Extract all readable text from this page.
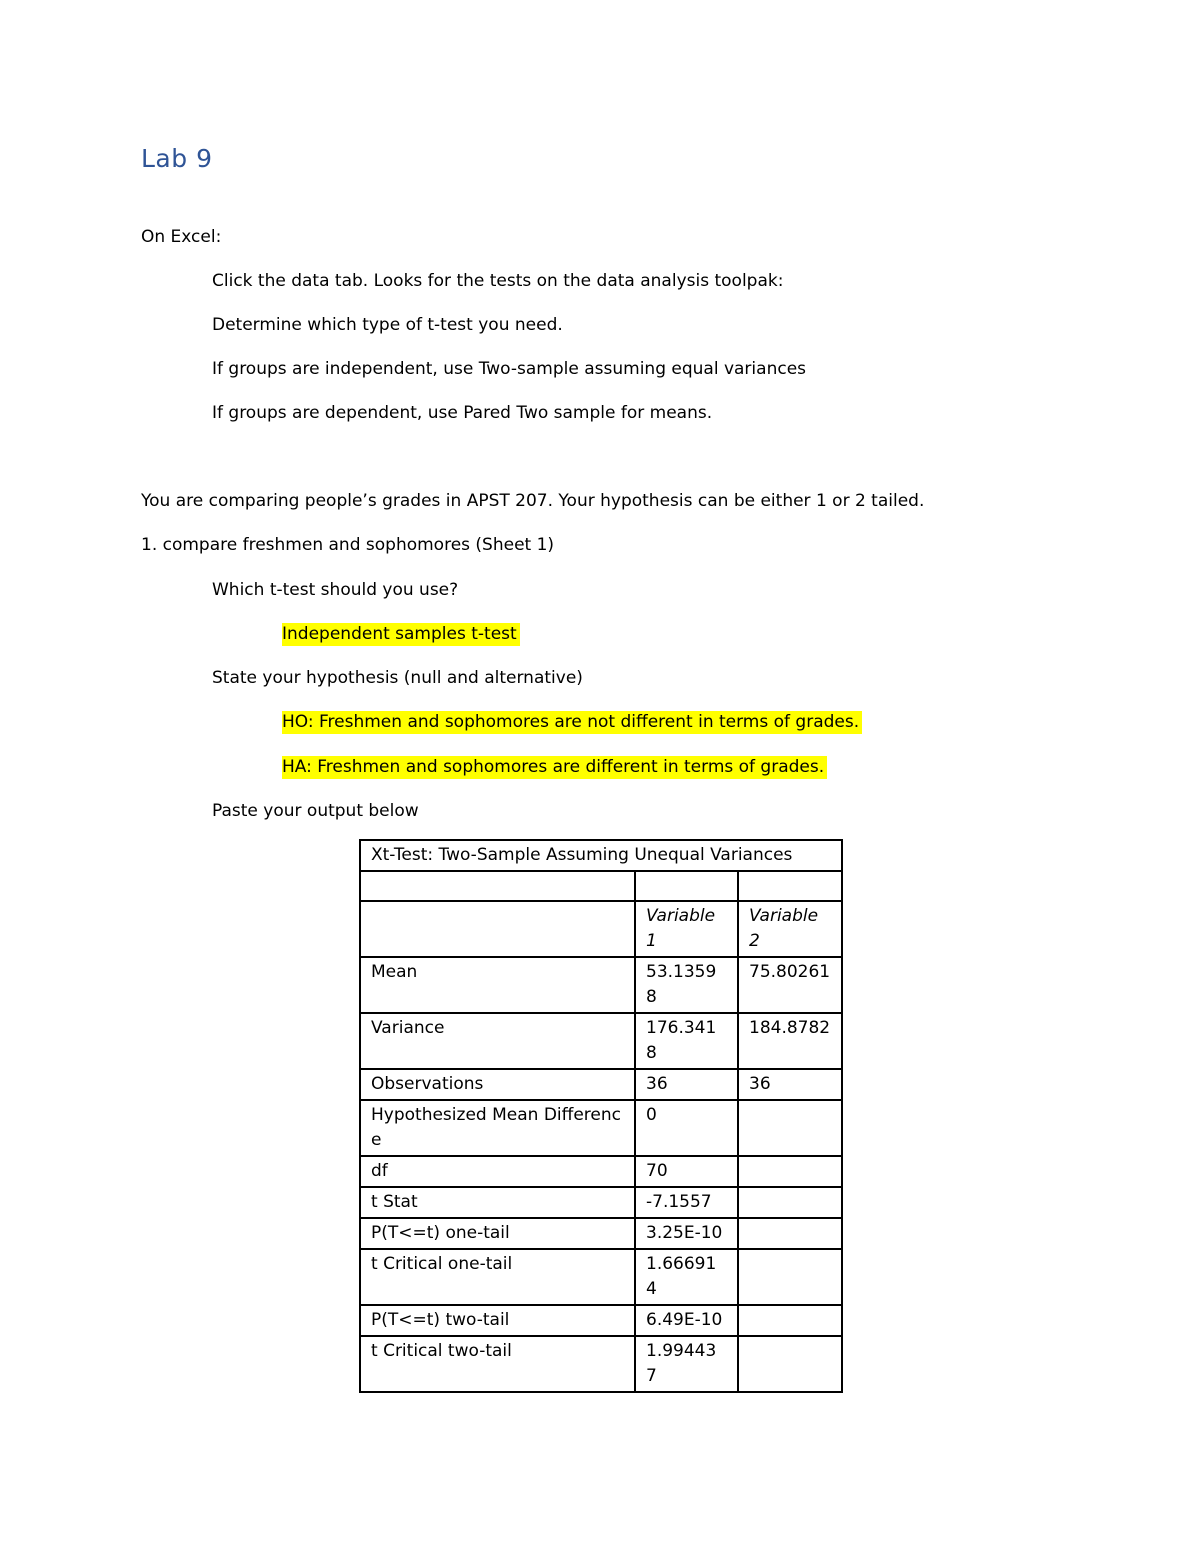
Lab 9
On Excel:
Click the data tab. Looks for the tests on the data analysis toolpak:
Determine which type of t-test you need.
If groups are independent, use Two-sample assuming equal variances
If groups are dependent, use Pared Two sample for means.
You are comparing people’s grades in APST 207. Your hypothesis can be either 1 or 2 tailed.
1. compare freshmen and sophomores (Sheet 1)
Which t-test should you use?
Independent samples t-test
State your hypothesis (null and alternative)
HO: Freshmen and sophomores are not different in terms of grades.
HA: Freshmen and sophomores are different in terms of grades.
Paste your output below
Xt-Test: Two-Sample Assuming Unequal Variances		

	Variable 1	Variable 2
Mean	53.13598	75.80261
Variance	176.3418	184.8782
Observations	36	36
Hypothesized Mean Difference	0	
df	70	
t Stat	-7.1557	
P(T<=t) one-tail	3.25E-10	
t Critical one-tail	1.666914	
P(T<=t) two-tail	6.49E-10	
t Critical two-tail	1.994437	
